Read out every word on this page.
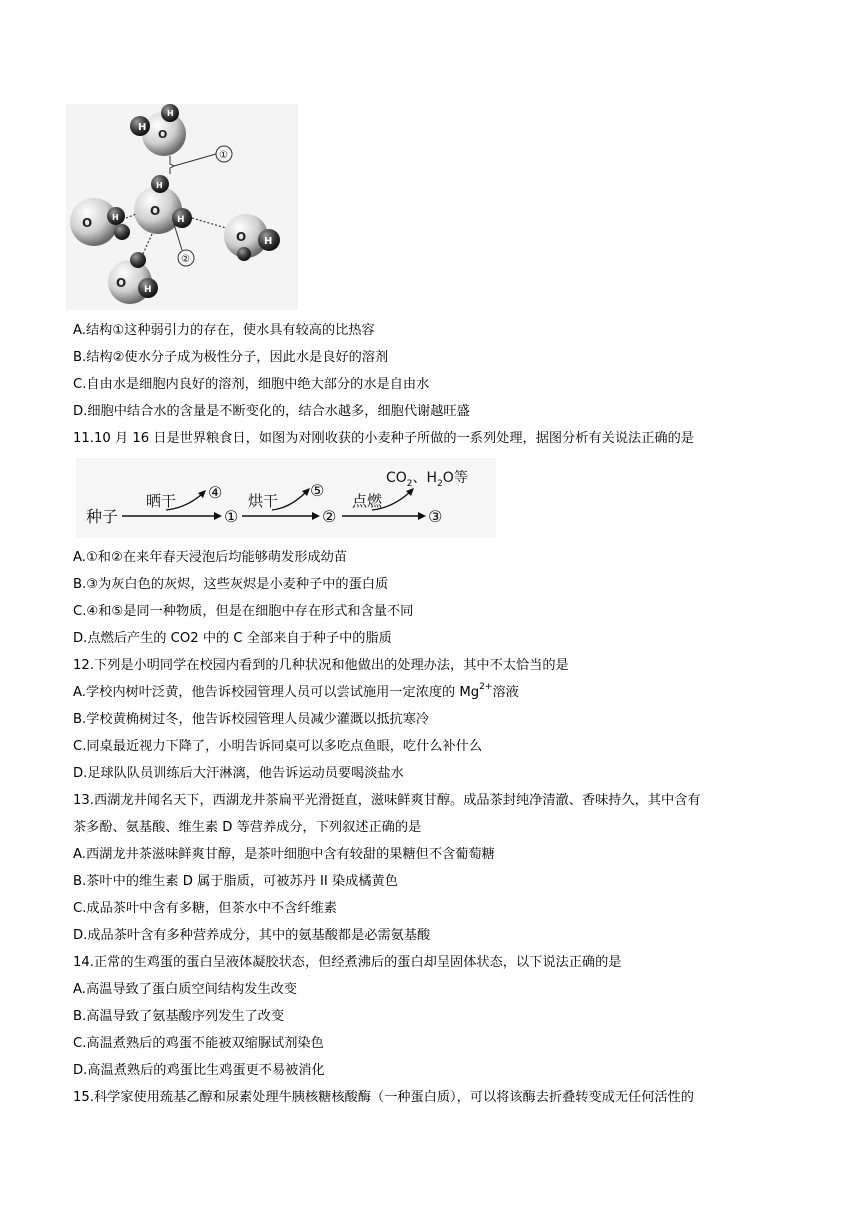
H
O
H
①
H
O
H
O H
O H
O H
②
A.结构①这种弱引力的存在，使水具有较高的比热容
B.结构②使水分子成为极性分子，因此水是良好的溶剂
C.自由水是细胞内良好的溶剂，细胞中绝大部分的水是自由水
D.细胞中结合水的含量是不断变化的，结合水越多，细胞代谢越旺盛
11.10 月 16 日是世界粮食日，如图为对刚收获的小麦种子所做的一系列处理，据图分析有关说法正确的是
种子
晒干 ④
①
烘干
⑤
②
点燃
③
$CO_2$、$H_2O$等
A.①和②在来年春天浸泡后均能够萌发形成幼苗
B.③为灰白色的灰烬，这些灰烬是小麦种子中的蛋白质
C.④和⑤是同一种物质，但是在细胞中存在形式和含量不同
D.点燃后产生的 CO2 中的 C 全部来自于种子中的脂质
12.下列是小明同学在校园内看到的几种状况和他做出的处理办法，其中不太恰当的是
A.学校内树叶泛黄，他告诉校园管理人员可以尝试施用一定浓度的 $Mg^{2+}$溶液
B.学校黄桷树过冬，他告诉校园管理人员减少灌溉以抵抗寒冷
C.同桌最近视力下降了，小明告诉同桌可以多吃点鱼眼，吃什么补什么
D.足球队队员训练后大汗淋漓，他告诉运动员要喝淡盐水
13.西湖龙井闻名天下，西湖龙井茶扁平光滑挺直，滋味鲜爽甘醇。成品茶封纯净清澈、香味持久，其中含有
茶多酚、氨基酸、维生素 D 等营养成分，下列叙述正确的是
A.西湖龙井茶滋味鲜爽甘醇，是茶叶细胞中含有较甜的果糖但不含葡萄糖
B.茶叶中的维生素 D 属于脂质，可被苏丹 II 染成橘黄色
C.成品茶叶中含有多糖，但茶水中不含纤维素
D.成品茶叶含有多种营养成分，其中的氨基酸都是必需氨基酸
14.正常的生鸡蛋的蛋白呈液体凝胶状态，但经煮沸后的蛋白却呈固体状态，以下说法正确的是
A.高温导致了蛋白质空间结构发生改变
B.高温导致了氨基酸序列发生了改变
C.高温煮熟后的鸡蛋不能被双缩脲试剂染色
D.高温煮熟后的鸡蛋比生鸡蛋更不易被消化
15.科学家使用巯基乙醇和尿素处理牛胰核糖核酸酶（一种蛋白质），可以将该酶去折叠转变成无任何活性的
